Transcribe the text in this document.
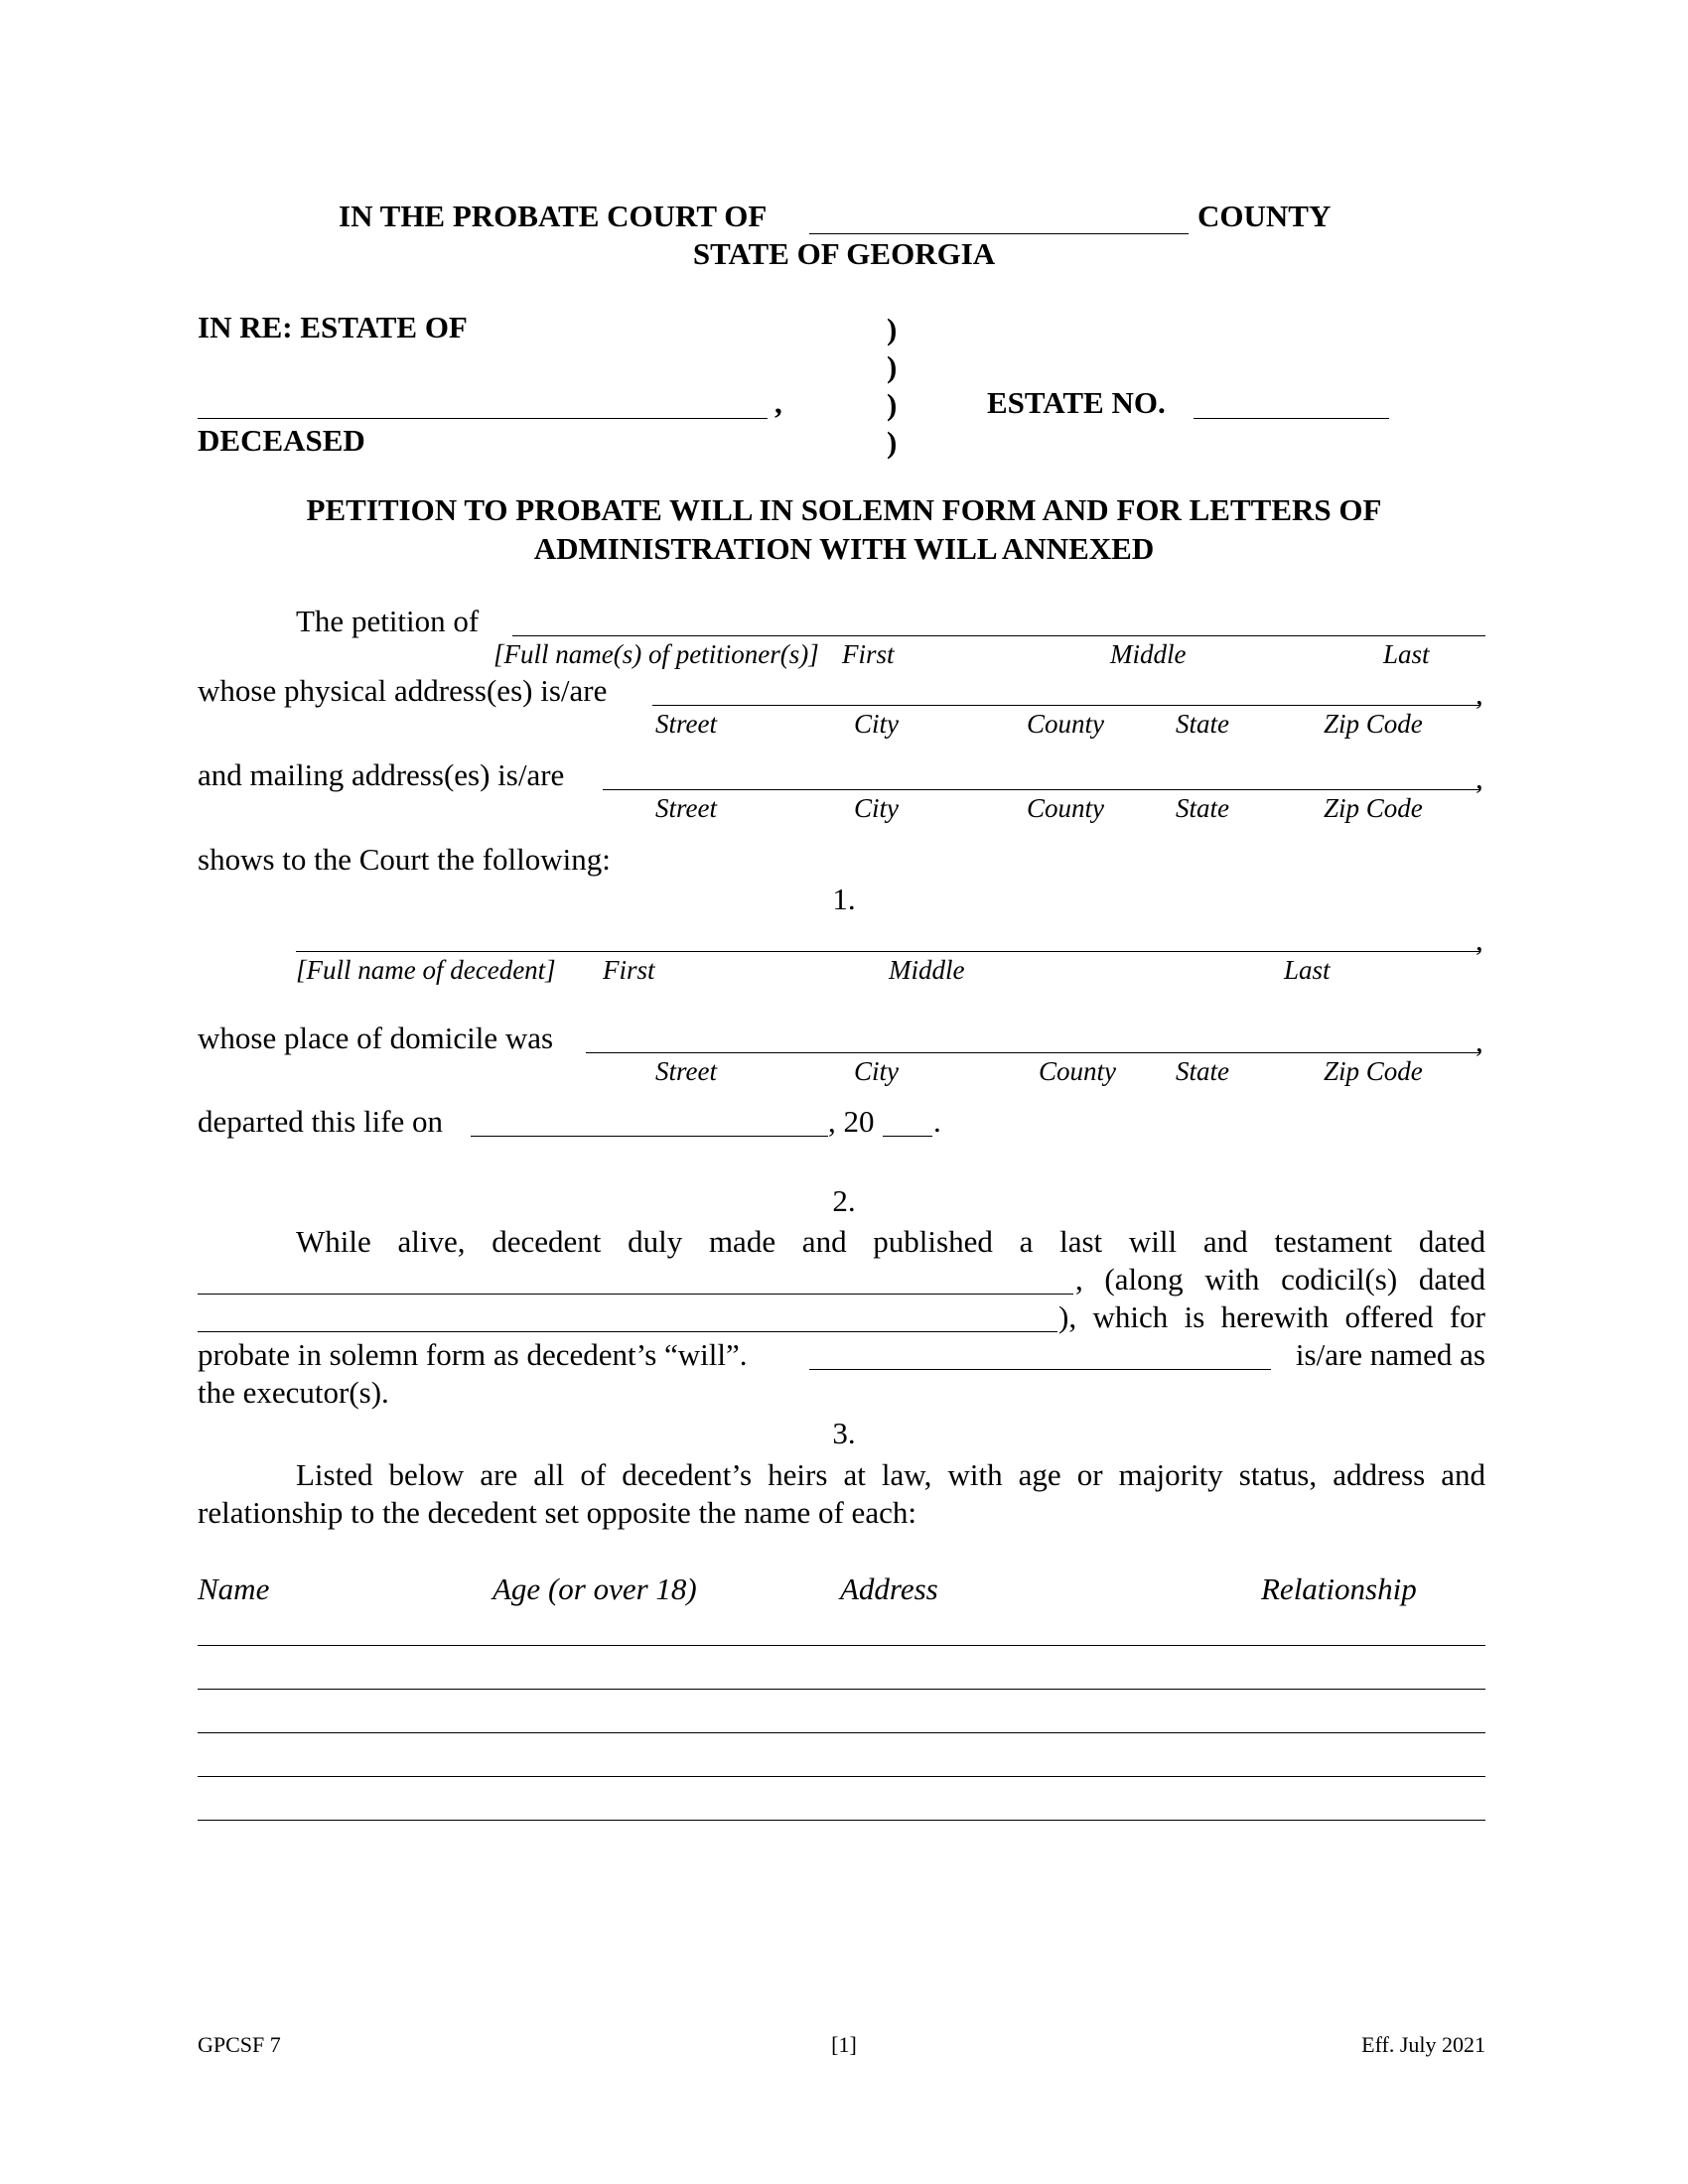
IN THE PROBATE COURT OF	COUNTY
STATE OF GEORGIA
IN RE: ESTATE OF
,
DECEASED
)
)
)
)
ESTATE NO.
PETITION TO PROBATE WILL IN SOLEMN FORM AND FOR LETTERS OF
ADMINISTRATION WITH WILL ANNEXED
The petition of
[Full name(s) of petitioner(s)] First	Middle	Last
whose physical address(es) is/are	,
Street	City	County	State	Zip Code
and mailing address(es) is/are	,
Street	City	County	State	Zip Code
shows to the Court the following:
1.
,
[Full name of decedent] First	Middle	Last
whose place of domicile was	,
Street	City	County State	Zip Code
departed this life on	, 20 .
2.
While alive, decedent duly made and published a last will and testament dated
, (along with codicil(s) dated
), which is herewith offered for
probate in solemn form as decedent’s “will”.	is/are named as
the executor(s).
3.
Listed below are all of decedent’s heirs at law, with age or majority status, address and
relationship to the decedent set opposite the name of each:
Name	Age (or over 18)	Address	Relationship
GPCSF 7	[1]	Eff. July 2021
